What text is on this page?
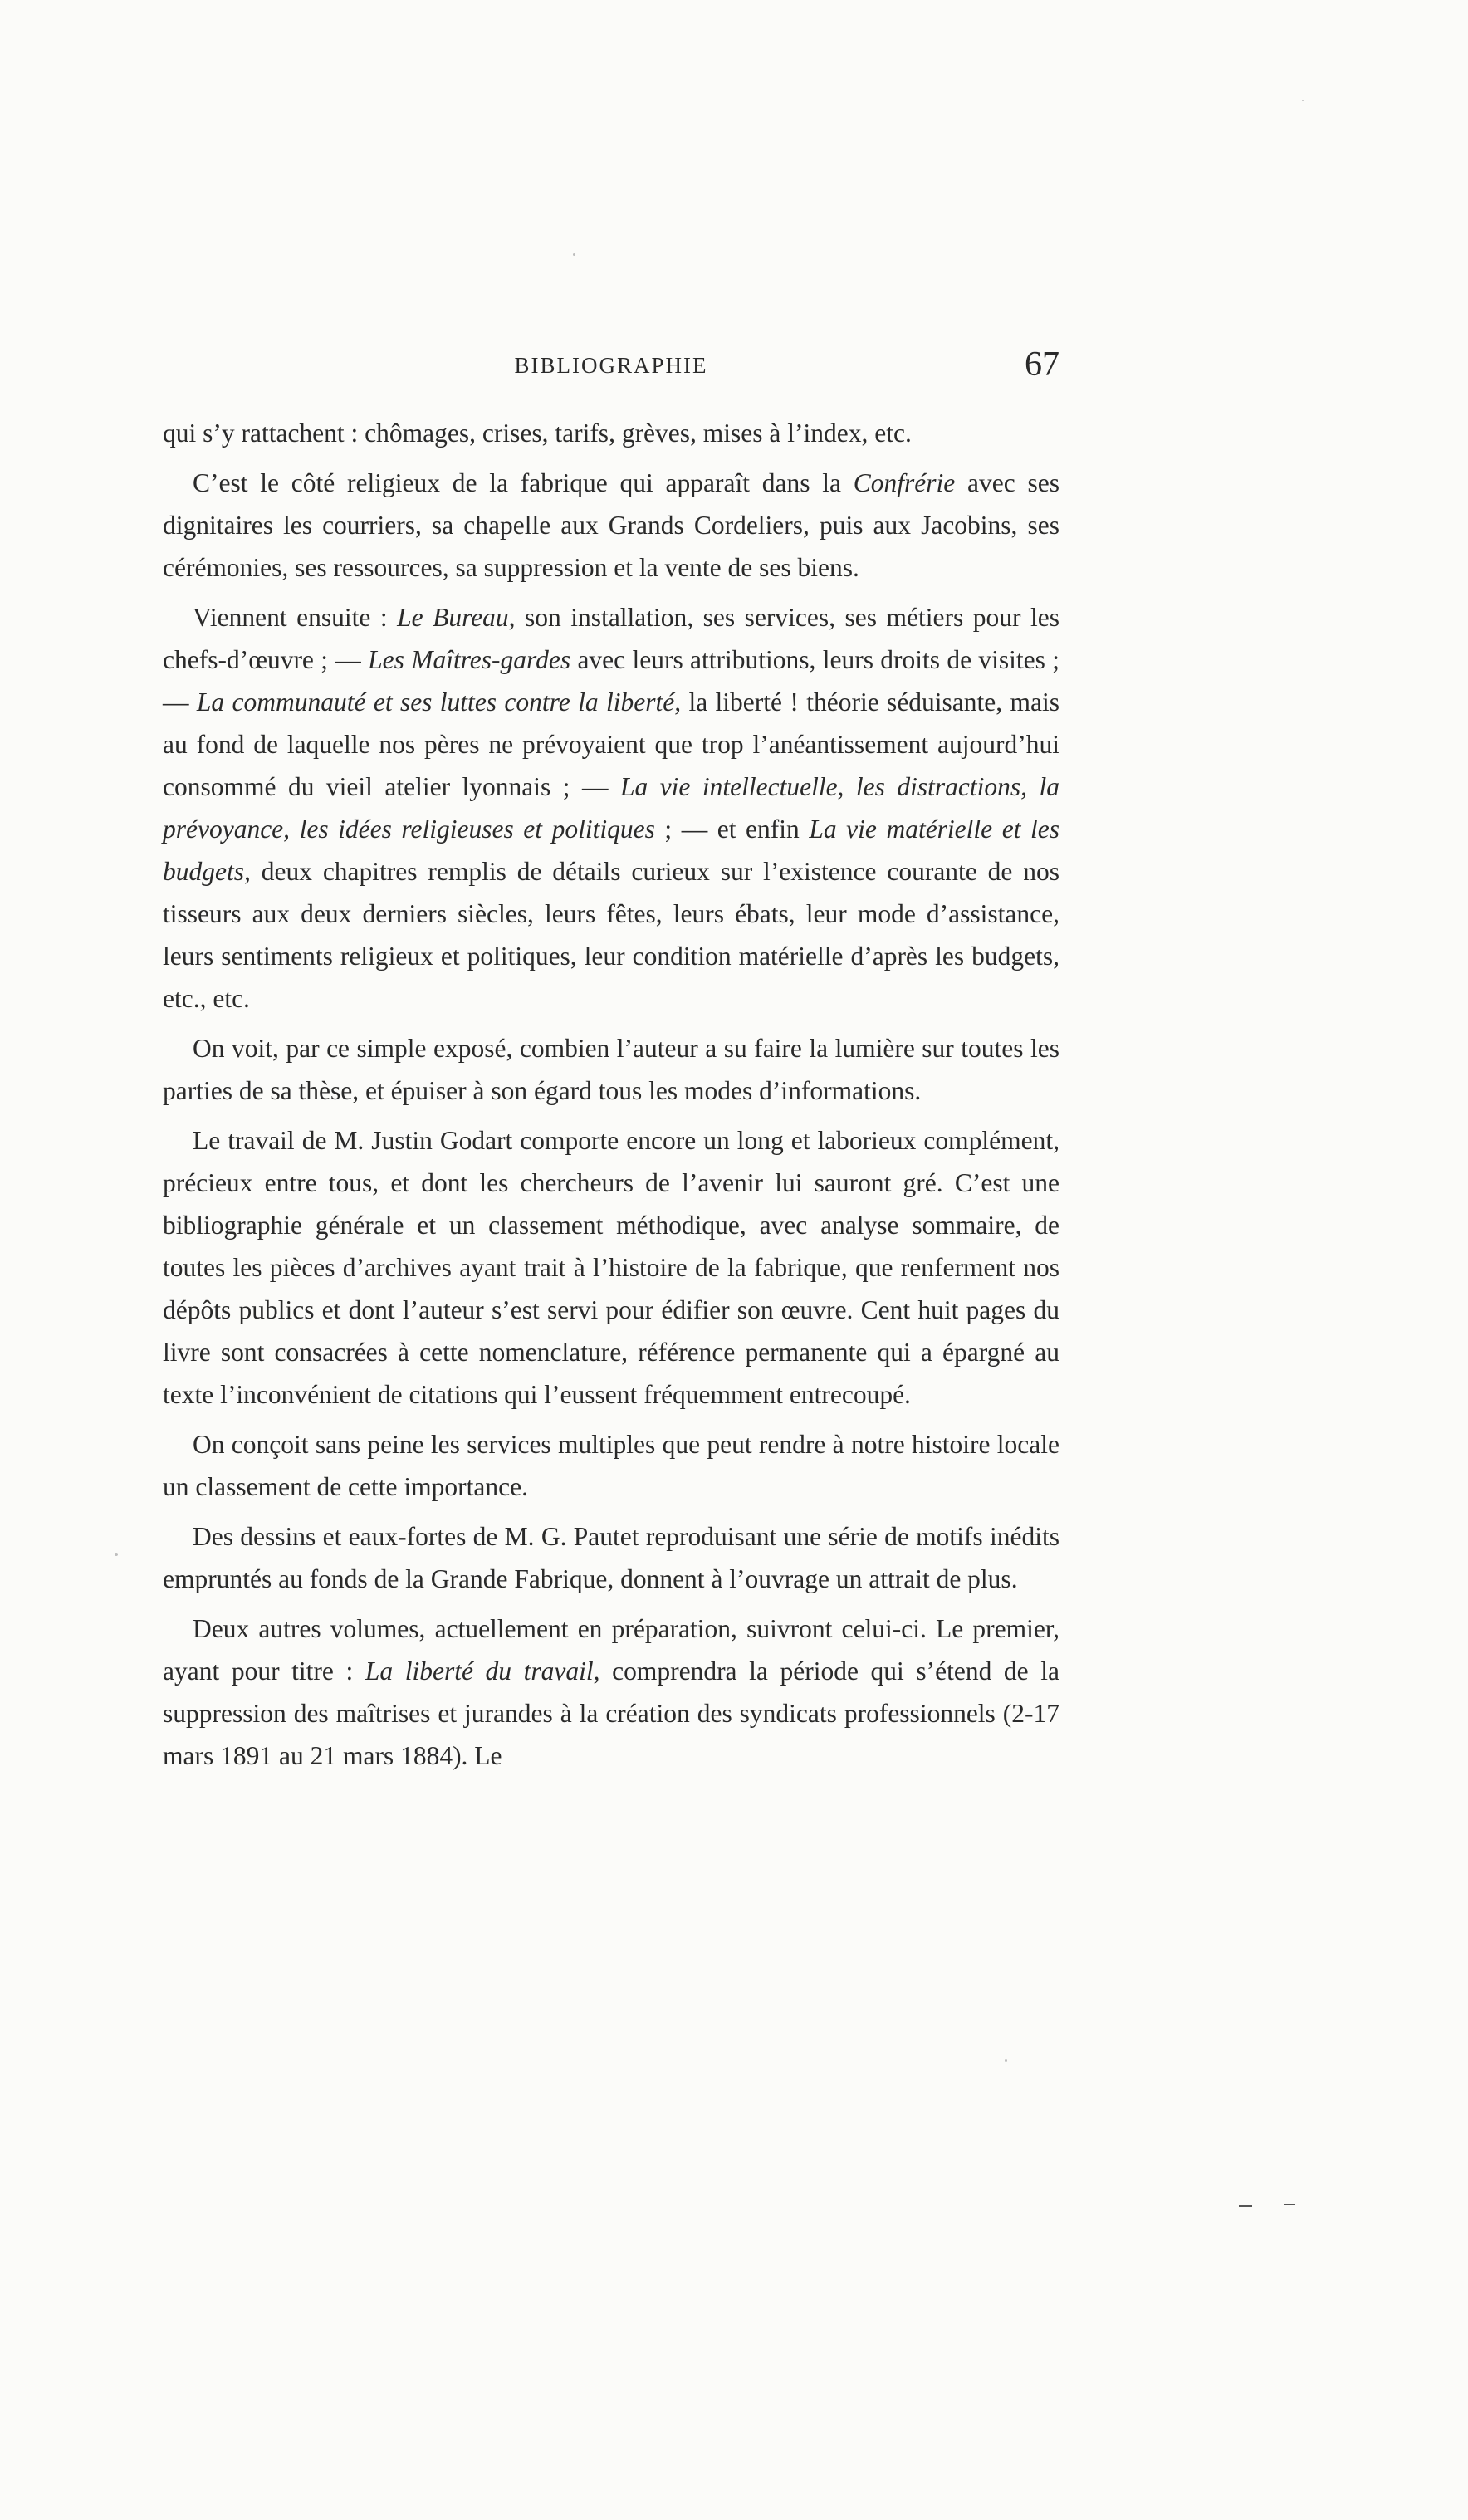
BIBLIOGRAPHIE	67

qui s’y rattachent : chômages, crises, tarifs, grèves, mises à l’index, etc.

C’est le côté religieux de la fabrique qui apparaît dans la Confrérie avec ses dignitaires les courriers, sa chapelle aux Grands Cordeliers, puis aux Jacobins, ses cérémonies, ses ressources, sa suppression et la vente de ses biens.

Viennent ensuite : Le Bureau, son installation, ses services, ses métiers pour les chefs-d’œuvre ; — Les Maîtres-gardes avec leurs attributions, leurs droits de visites ; — La communauté et ses luttes contre la liberté, la liberté ! théorie séduisante, mais au fond de laquelle nos pères ne prévoyaient que trop l’anéantissement aujourd’hui consommé du vieil atelier lyonnais ; — La vie intellectuelle, les distractions, la prévoyance, les idées religieuses et politiques ; — et enfin La vie matérielle et les budgets, deux chapitres remplis de détails curieux sur l’existence courante de nos tisseurs aux deux derniers siècles, leurs fêtes, leurs ébats, leur mode d’assistance, leurs sentiments religieux et politiques, leur condition matérielle d’après les budgets, etc., etc.

On voit, par ce simple exposé, combien l’auteur a su faire la lumière sur toutes les parties de sa thèse, et épuiser à son égard tous les modes d’informations.

Le travail de M. Justin Godart comporte encore un long et laborieux complément, précieux entre tous, et dont les chercheurs de l’avenir lui sauront gré. C’est une bibliographie générale et un classement méthodique, avec analyse sommaire, de toutes les pièces d’archives ayant trait à l’histoire de la fabrique, que renferment nos dépôts publics et dont l’auteur s’est servi pour édifier son œuvre. Cent huit pages du livre sont consacrées à cette nomenclature, référence permanente qui a épargné au texte l’inconvénient de citations qui l’eussent fréquemment entrecoupé.

On conçoit sans peine les services multiples que peut rendre à notre histoire locale un classement de cette importance.

Des dessins et eaux-fortes de M. G. Pautet reproduisant une série de motifs inédits empruntés au fonds de la Grande Fabrique, donnent à l’ouvrage un attrait de plus.

Deux autres volumes, actuellement en préparation, suivront celui-ci. Le premier, ayant pour titre : La liberté du travail, comprendra la période qui s’étend de la suppression des maîtrises et jurandes à la création des syndicats professionnels (2-17 mars 1891 au 21 mars 1884). Le
